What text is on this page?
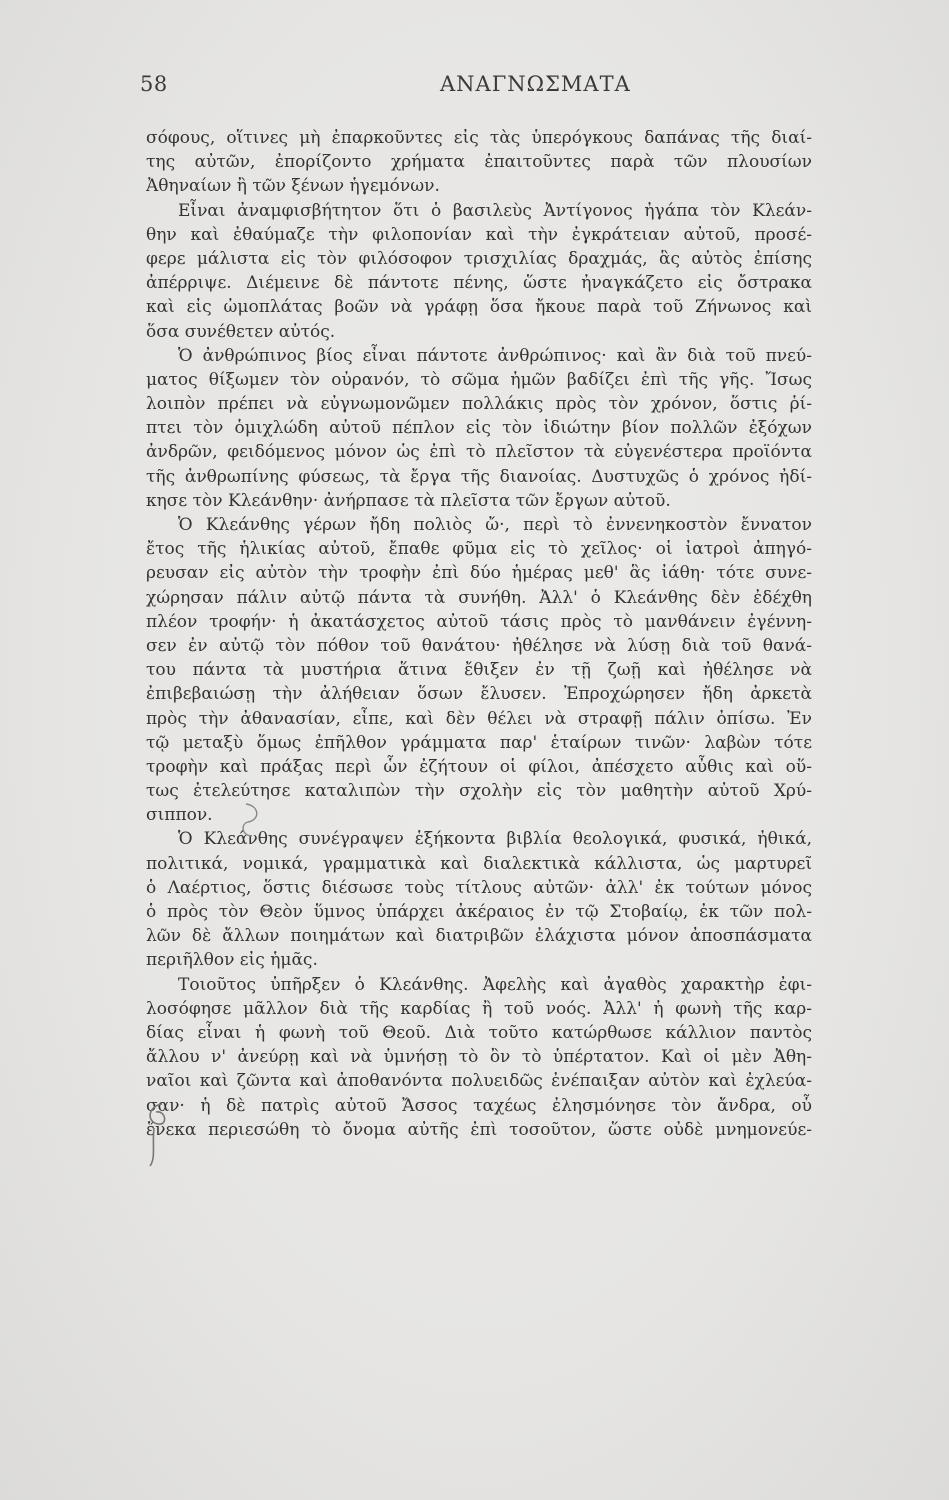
58	ΑΝΑΓΝΩΣΜΑΤΑ
σόφους, οἵτινες μὴ ἐπαρκοῦντες εἰς τὰς ὑπερόγκους δαπάνας τῆς διαί-
της αὐτῶν, ἐπορίζοντο χρήματα ἐπαιτοῦντες παρὰ τῶν πλουσίων
Ἀθηναίων ἢ τῶν ξένων ἡγεμόνων.
Εἶναι ἀναμφισβήτητον ὅτι ὁ βασιλεὺς Ἀντίγονος ἠγάπα τὸν Κλεάν-
θην καὶ ἐθαύμαζε τὴν φιλοπονίαν καὶ τὴν ἐγκράτειαν αὐτοῦ, προσέ-
φερε μάλιστα εἰς τὸν φιλόσοφον τρισχιλίας δραχμάς, ἃς αὐτὸς ἐπίσης
ἀπέρριψε. Διέμεινε δὲ πάντοτε πένης, ὥστε ἠναγκάζετο εἰς ὄστρακα
καὶ εἰς ὠμοπλάτας βοῶν νὰ γράφῃ ὅσα ἤκουε παρὰ τοῦ Ζήνωνος καὶ
ὅσα συνέθετεν αὐτός.
Ὁ ἀνθρώπινος βίος εἶναι πάντοτε ἀνθρώπινος· καὶ ἂν διὰ τοῦ πνεύ-
ματος θίξωμεν τὸν οὐρανόν, τὸ σῶμα ἡμῶν βαδίζει ἐπὶ τῆς γῆς. Ἴσως
λοιπὸν πρέπει νὰ εὐγνωμονῶμεν πολλάκις πρὸς τὸν χρόνον, ὅστις ῥί-
πτει τὸν ὁμιχλώδη αὐτοῦ πέπλον εἰς τὸν ἰδιώτην βίον πολλῶν ἐξόχων
ἀνδρῶν, φειδόμενος μόνον ὡς ἐπὶ τὸ πλεῖστον τὰ εὐγενέστερα προϊόντα
τῆς ἀνθρωπίνης φύσεως, τὰ ἔργα τῆς διανοίας. Δυστυχῶς ὁ χρόνος ἠδί-
κησε τὸν Κλεάνθην· ἀνήρπασε τὰ πλεῖστα τῶν ἔργων αὐτοῦ.
Ὁ Κλεάνθης γέρων ἤδη πολιὸς ὤ·, περὶ τὸ ἐννενηκοστὸν ἔννατον
ἔτος τῆς ἡλικίας αὐτοῦ, ἔπαθε φῦμα εἰς τὸ χεῖλος· οἱ ἰατροὶ ἀπηγό-
ρευσαν εἰς αὐτὸν τὴν τροφὴν ἐπὶ δύο ἡμέρας μεθ' ἃς ἰάθη· τότε συνε-
χώρησαν πάλιν αὐτῷ πάντα τὰ συνήθη. Ἀλλ' ὁ Κλεάνθης δὲν ἐδέχθη
πλέον τροφήν· ἡ ἀκατάσχετος αὐτοῦ τάσις πρὸς τὸ μανθάνειν ἐγέννη-
σεν ἐν αὐτῷ τὸν πόθον τοῦ θανάτου· ἠθέλησε νὰ λύσῃ διὰ τοῦ θανά-
του πάντα τὰ μυστήρια ἅτινα ἔθιξεν ἐν τῇ ζωῇ καὶ ἠθέλησε νὰ
ἐπιβεβαιώσῃ τὴν ἀλήθειαν ὅσων ἔλυσεν. Ἐπροχώρησεν ἤδη ἀρκετὰ
πρὸς τὴν ἀθανασίαν, εἶπε, καὶ δὲν θέλει νὰ στραφῇ πάλιν ὀπίσω. Ἐν
τῷ μεταξὺ ὅμως ἐπῆλθον γράμματα παρ' ἑταίρων τινῶν· λαβὼν τότε
τροφὴν καὶ πράξας περὶ ὧν ἐζήτουν οἱ φίλοι, ἀπέσχετο αὖθις καὶ οὕ-
τως ἐτελεύτησε καταλιπὼν τὴν σχολὴν εἰς τὸν μαθητὴν αὐτοῦ Χρύ-
σιππον.
Ὁ Κλεάνθης συνέγραψεν ἑξήκοντα βιβλία θεολογικά, φυσικά, ἠθικά,
πολιτικά, νομικά, γραμματικὰ καὶ διαλεκτικὰ κάλλιστα, ὡς μαρτυρεῖ
ὁ Λαέρτιος, ὅστις διέσωσε τοὺς τίτλους αὐτῶν· ἀλλ' ἐκ τούτων μόνος
ὁ πρὸς τὸν Θεὸν ὕμνος ὑπάρχει ἀκέραιος ἐν τῷ Στοβαίῳ, ἐκ τῶν πολ-
λῶν δὲ ἄλλων ποιημάτων καὶ διατριβῶν ἐλάχιστα μόνον ἀποσπάσματα
περιῆλθον εἰς ἡμᾶς.
Τοιοῦτος ὑπῆρξεν ὁ Κλεάνθης. Ἀφελὴς καὶ ἀγαθὸς χαρακτὴρ ἐφι-
λοσόφησε μᾶλλον διὰ τῆς καρδίας ἢ τοῦ νοός. Ἀλλ' ἡ φωνὴ τῆς καρ-
δίας εἶναι ἡ φωνὴ τοῦ Θεοῦ. Διὰ τοῦτο κατώρθωσε κάλλιον παντὸς
ἄλλου ν' ἀνεύρῃ καὶ νὰ ὑμνήσῃ τὸ ὂν τὸ ὑπέρτατον. Καὶ οἱ μὲν Ἀθη-
ναῖοι καὶ ζῶντα καὶ ἀποθανόντα πολυειδῶς ἐνέπαιξαν αὐτὸν καὶ ἐχλεύα-
σαν· ἡ δὲ πατρὶς αὐτοῦ Ἄσσος ταχέως ἐλησμόνησε τὸν ἄνδρα, οὗ
ἕνεκα περιεσώθη τὸ ὄνομα αὐτῆς ἐπὶ τοσοῦτον, ὥστε οὐδὲ μνημονεύε-
